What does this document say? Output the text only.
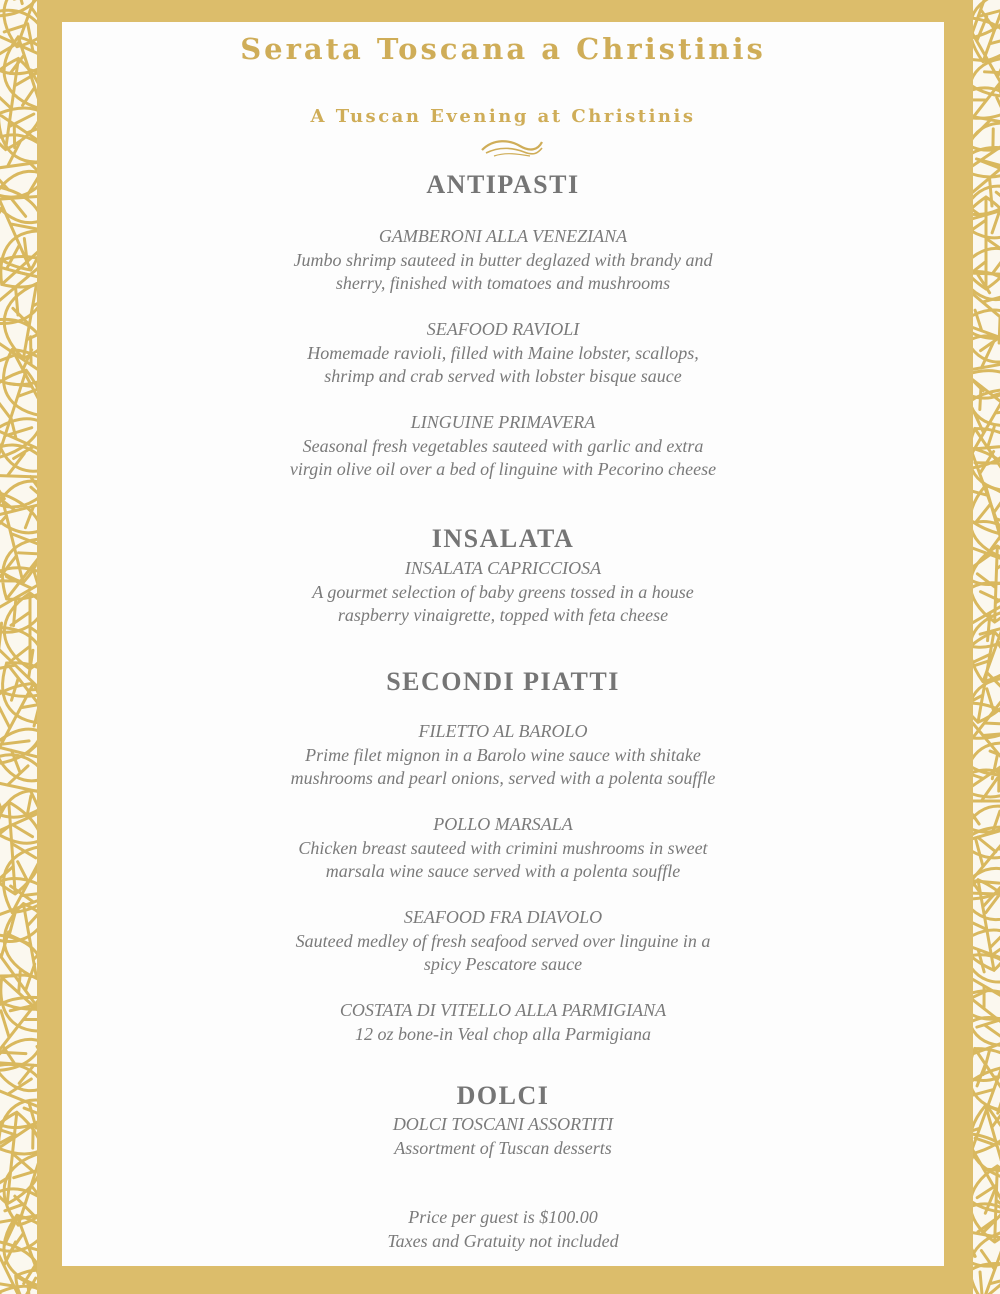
Serata Toscana a Christinis
A Tuscan Evening at Christinis
ANTIPASTI
GAMBERONI ALLA VENEZIANA
Jumbo shrimp sauteed in butter deglazed with brandy and
sherry, finished with tomatoes and mushrooms
SEAFOOD RAVIOLI
Homemade ravioli, filled with Maine lobster, scallops,
shrimp and crab served with lobster bisque sauce
LINGUINE PRIMAVERA
Seasonal fresh vegetables sauteed with garlic and extra
virgin olive oil over a bed of linguine with Pecorino cheese
INSALATA
INSALATA CAPRICCIOSA
A gourmet selection of baby greens tossed in a house
raspberry vinaigrette, topped with feta cheese
SECONDI PIATTI
FILETTO AL BAROLO
Prime filet mignon in a Barolo wine sauce with shitake
mushrooms and pearl onions, served with a polenta souffle
POLLO MARSALA
Chicken breast sauteed with crimini mushrooms in sweet
marsala wine sauce served with a polenta souffle
SEAFOOD FRA DIAVOLO
Sauteed medley of fresh seafood served over linguine in a
spicy Pescatore sauce
COSTATA DI VITELLO ALLA PARMIGIANA
12 oz bone-in Veal chop alla Parmigiana
DOLCI
DOLCI TOSCANI ASSORTITI
Assortment of Tuscan desserts
Price per guest is $100.00
Taxes and Gratuity not included
